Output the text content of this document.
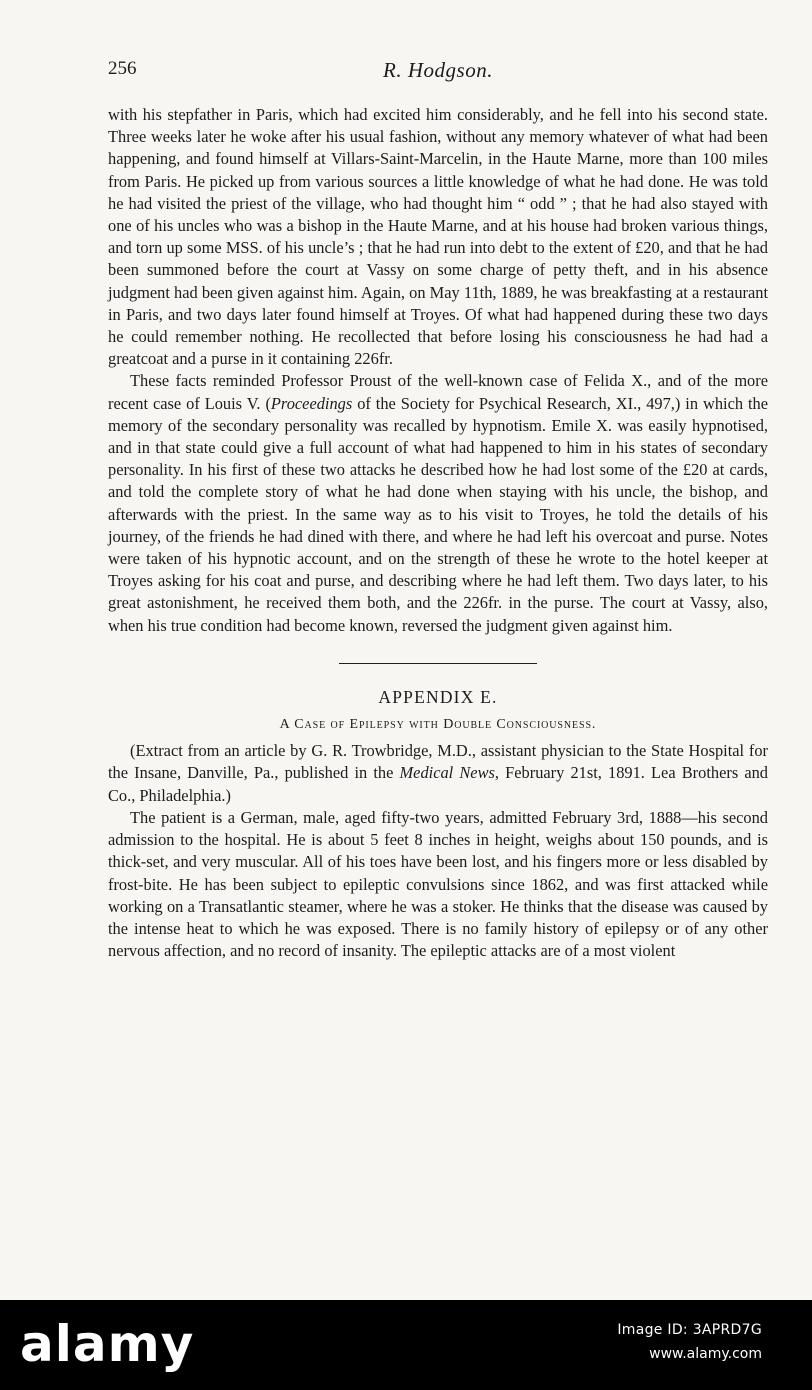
256	R. Hodgson.

with his stepfather in Paris, which had excited him considerably, and he fell into his second state. Three weeks later he woke after his usual fashion, without any memory whatever of what had been happening, and found himself at Villars-Saint-Marcelin, in the Haute Marne, more than 100 miles from Paris. He picked up from various sources a little knowledge of what he had done. He was told he had visited the priest of the village, who had thought him “ odd ” ; that he had also stayed with one of his uncles who was a bishop in the Haute Marne, and at his house had broken various things, and torn up some MSS. of his uncle’s ; that he had run into debt to the extent of £20, and that he had been summoned before the court at Vassy on some charge of petty theft, and in his absence judgment had been given against him. Again, on May 11th, 1889, he was breakfasting at a restaurant in Paris, and two days later found himself at Troyes. Of what had happened during these two days he could remember nothing. He recollected that before losing his consciousness he had had a greatcoat and a purse in it containing 226fr.

These facts reminded Professor Proust of the well-known case of Felida X., and of the more recent case of Louis V. (Proceedings of the Society for Psychical Research, XI., 497,) in which the memory of the secondary personality was recalled by hypnotism. Emile X. was easily hypnotised, and in that state could give a full account of what had happened to him in his states of secondary personality. In his first of these two attacks he described how he had lost some of the £20 at cards, and told the complete story of what he had done when staying with his uncle, the bishop, and afterwards with the priest. In the same way as to his visit to Troyes, he told the details of his journey, of the friends he had dined with there, and where he had left his overcoat and purse. Notes were taken of his hypnotic account, and on the strength of these he wrote to the hotel keeper at Troyes asking for his coat and purse, and describing where he had left them. Two days later, to his great astonishment, he received them both, and the 226fr. in the purse. The court at Vassy, also, when his true condition had become known, reversed the judgment given against him.

APPENDIX E.
A Case of Epilepsy with Double Consciousness.

(Extract from an article by G. R. Trowbridge, M.D., assistant physician to the State Hospital for the Insane, Danville, Pa., published in the Medical News, February 21st, 1891. Lea Brothers and Co., Philadelphia.)

The patient is a German, male, aged fifty-two years, admitted February 3rd, 1888—his second admission to the hospital. He is about 5 feet 8 inches in height, weighs about 150 pounds, and is thick-set, and very muscular. All of his toes have been lost, and his fingers more or less disabled by frost-bite. He has been subject to epileptic convulsions since 1862, and was first attacked while working on a Transatlantic steamer, where he was a stoker. He thinks that the disease was caused by the intense heat to which he was exposed. There is no family history of epilepsy or of any other nervous affection, and no record of insanity. The epileptic attacks are of a most violent

alamy	Image ID: 3APRD7G
www.alamy.com
